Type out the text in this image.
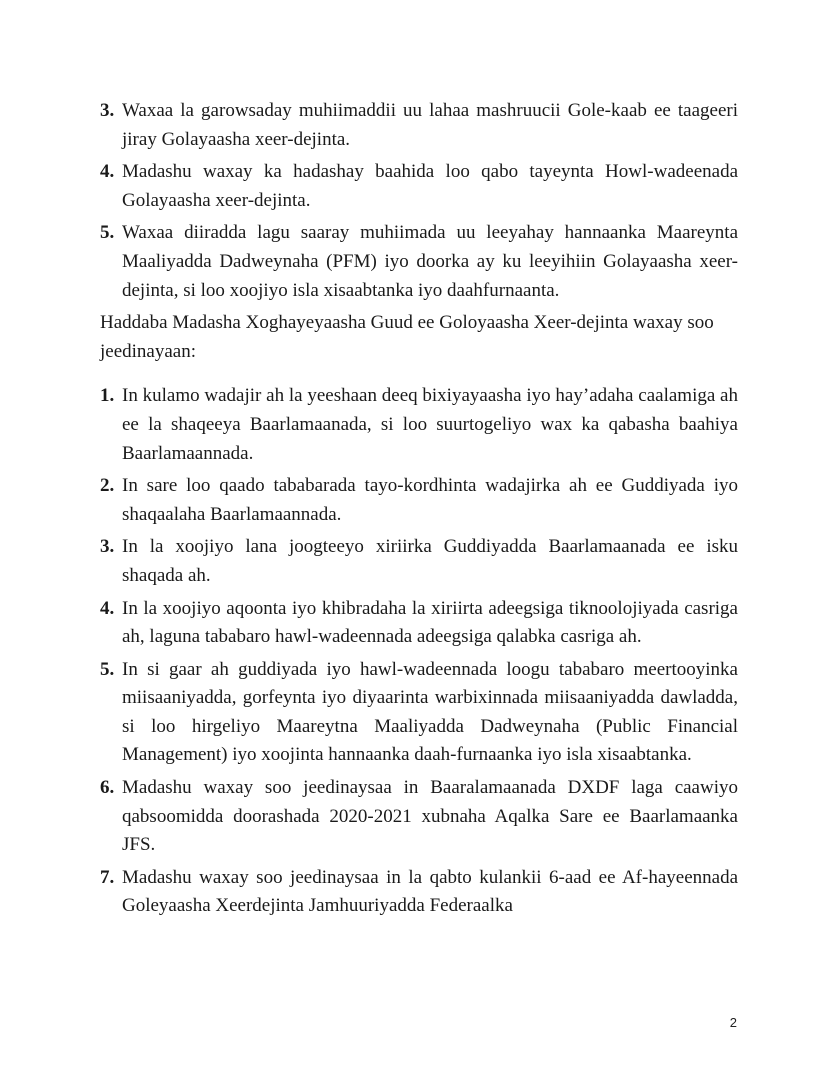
3. Waxaa la garowsaday muhiimaddii uu lahaa mashruucii Gole-kaab ee taageeri jiray Golayaasha xeer-dejinta.
4. Madashu waxay ka hadashay baahida loo qabo tayeynta Howl-wadeenada Golayaasha xeer-dejinta.
5. Waxaa diiradda lagu saaray muhiimada uu leeyahay hannaanka Maareynta Maaliyadda Dadweynaha (PFM) iyo doorka ay ku leeyihiin Golayaasha xeer-dejinta, si loo xoojiyo isla xisaabtanka iyo daahfurnaanta.

Haddaba Madasha Xoghayeyaasha Guud ee Goloyaasha Xeer-dejinta waxay soo jeedinayaan:

1. In kulamo wadajir ah la yeeshaan deeq bixiyayaasha iyo hay’adaha caalamiga ah ee la shaqeeya Baarlamaanada, si loo suurtogeliyo wax ka qabasha baahiya Baarlamaannada.
2. In sare loo qaado tababarada tayo-kordhinta wadajirka ah ee Guddiyada iyo shaqaalaha Baarlamaannada.
3. In la xoojiyo lana joogteeyo xiriirka Guddiyadda Baarlamaanada ee isku shaqada ah.
4. In la xoojiyo aqoonta iyo khibradaha la xiriirta adeegsiga tiknoolojiyada casriga ah, laguna tababaro hawl-wadeennada adeegsiga qalabka casriga ah.
5. In si gaar ah guddiyada iyo hawl-wadeennada loogu tababaro meertooyinka miisaaniyadda, gorfeynta iyo diyaarinta warbixinnada miisaaniyadda dawladda, si loo hirgeliyo Maareytna Maaliyadda Dadweynaha (Public Financial Management) iyo xoojinta hannaanka daah-furnaanka iyo isla xisaabtanka.
6. Madashu waxay soo jeedinaysaa in Baaralamaanada DXDF laga caawiyo qabsoomidda doorashada 2020-2021 xubnaha Aqalka Sare ee Baarlamaanka JFS.
7. Madashu waxay soo jeedinaysaa in la qabto kulankii 6-aad ee Af-hayeennada Goleyaasha Xeerdejinta Jamhuuriyadda Federaalka
2
